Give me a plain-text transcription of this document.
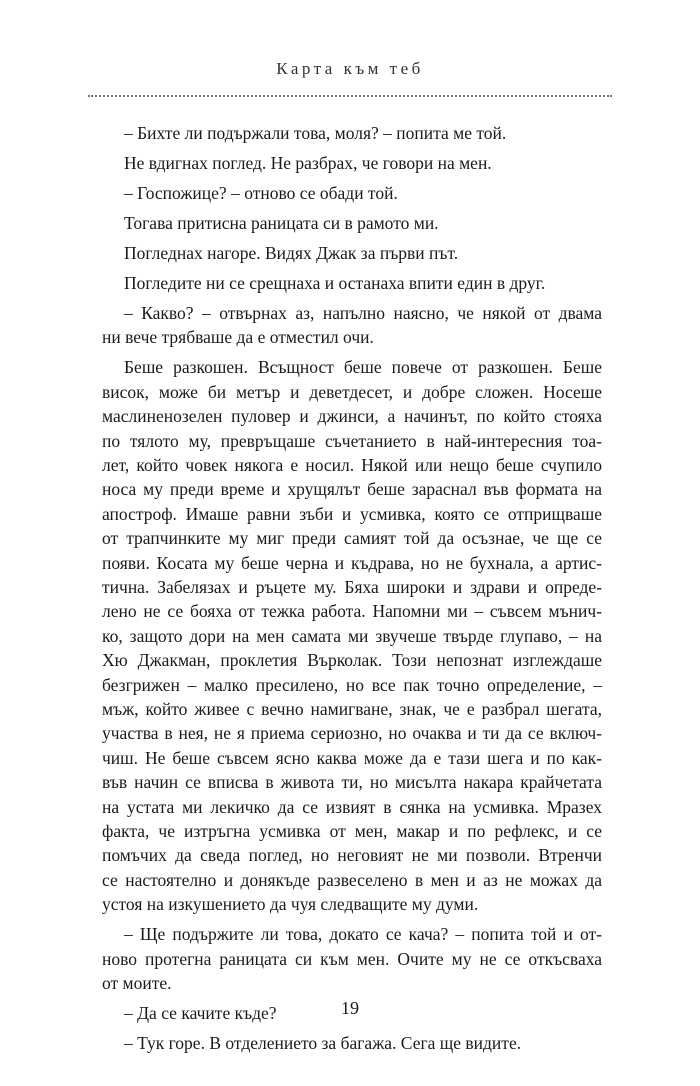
Карта към теб
– Бихте ли подържали това, моля? – попита ме той.
Не вдигнах поглед. Не разбрах, че говори на мен.
– Госпожице? – отново се обади той.
Тогава притисна раницата си в рамото ми.
Погледнах нагоре. Видях Джак за първи път.
Погледите ни се срещнаха и останаха впити един в друг.
– Какво? – отвърнах аз, напълно наясно, че някой от двама
ни вече трябваше да е отместил очи.
Беше разкошен. Всъщност беше повече от разкошен. Беше
висок, може би метър и деветдесет, и добре сложен. Носеше
маслиненозелен пуловер и джинси, а начинът, по който стояха
по тялото му, превръщаше съчетанието в най-интересния тоа-
лет, който човек някога е носил. Някой или нещо беше счупило
носа му преди време и хрущялът беше зараснал във формата на
апостроф. Имаше равни зъби и усмивка, която се отприщваше
от трапчинките му миг преди самият той да осъзнае, че ще се
появи. Косата му беше черна и къдрава, но не бухнала, а артис-
тична. Забелязах и ръцете му. Бяха широки и здрави и опреде-
лено не се бояха от тежка работа. Напомни ми – съвсем мънич-
ко, защото дори на мен самата ми звучеше твърде глупаво, – на
Хю Джакман, проклетия Върколак. Този непознат изглеждаше
безгрижен – малко пресилено, но все пак точно определение, –
мъж, който живее с вечно намигване, знак, че е разбрал шегата,
участва в нея, не я приема сериозно, но очаква и ти да се включ-
чиш. Не беше съвсем ясно каква може да е тази шега и по как-
във начин се вписва в живота ти, но мисълта накара крайчетата
на устата ми лекичко да се извият в сянка на усмивка. Мразех
факта, че изтръгна усмивка от мен, макар и по рефлекс, и се
помъчих да сведа поглед, но неговият не ми позволи. Втренчи
се настоятелно и донякъде развеселено в мен и аз не можах да
устоя на изкушението да чуя следващите му думи.
– Ще подържите ли това, докато се кача? – попита той и от-
ново протегна раницата си към мен. Очите му не се откъсваха
от моите.
– Да се качите къде?
– Тук горе. В отделението за багажа. Сега ще видите.
19
